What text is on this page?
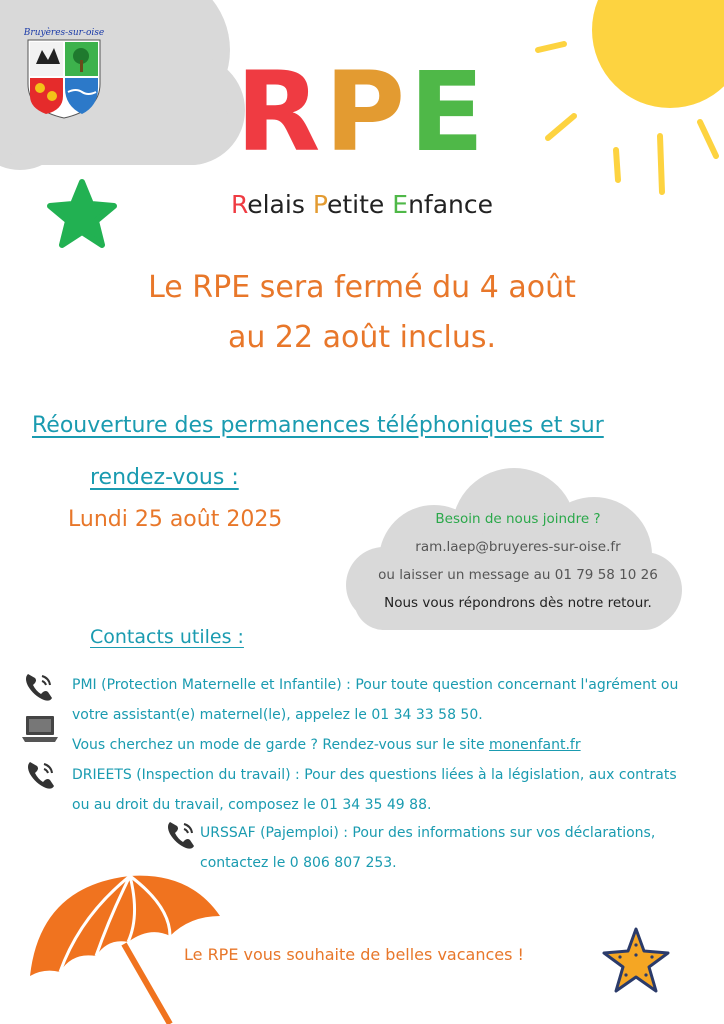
Bruyères-sur-oise
RPE
Relais Petite Enfance
Le RPE sera fermé du 4 août
au 22 août inclus.
Réouverture des permanences téléphoniques et sur
rendez-vous :
Lundi 25 août 2025	Besoin de nous joindre ?
ram.laep@bruyeres-sur-oise.fr
ou laisser un message au 01 79 58 10 26
Nous vous répondrons dès notre retour.
Contacts utiles :
PMI (Protection Maternelle et Infantile) : Pour toute question concernant l'agrément ou
votre assistant(e) maternel(le), appelez le 01 34 33 58 50.
Vous cherchez un mode de garde ? Rendez-vous sur le site monenfant.fr
DRIEETS (Inspection du travail) : Pour des questions liées à la législation, aux contrats
ou au droit du travail, composez le 01 34 35 49 88.
URSSAF (Pajemploi) : Pour des informations sur vos déclarations,
contactez le 0 806 807 253.
Le RPE vous souhaite de belles vacances !
